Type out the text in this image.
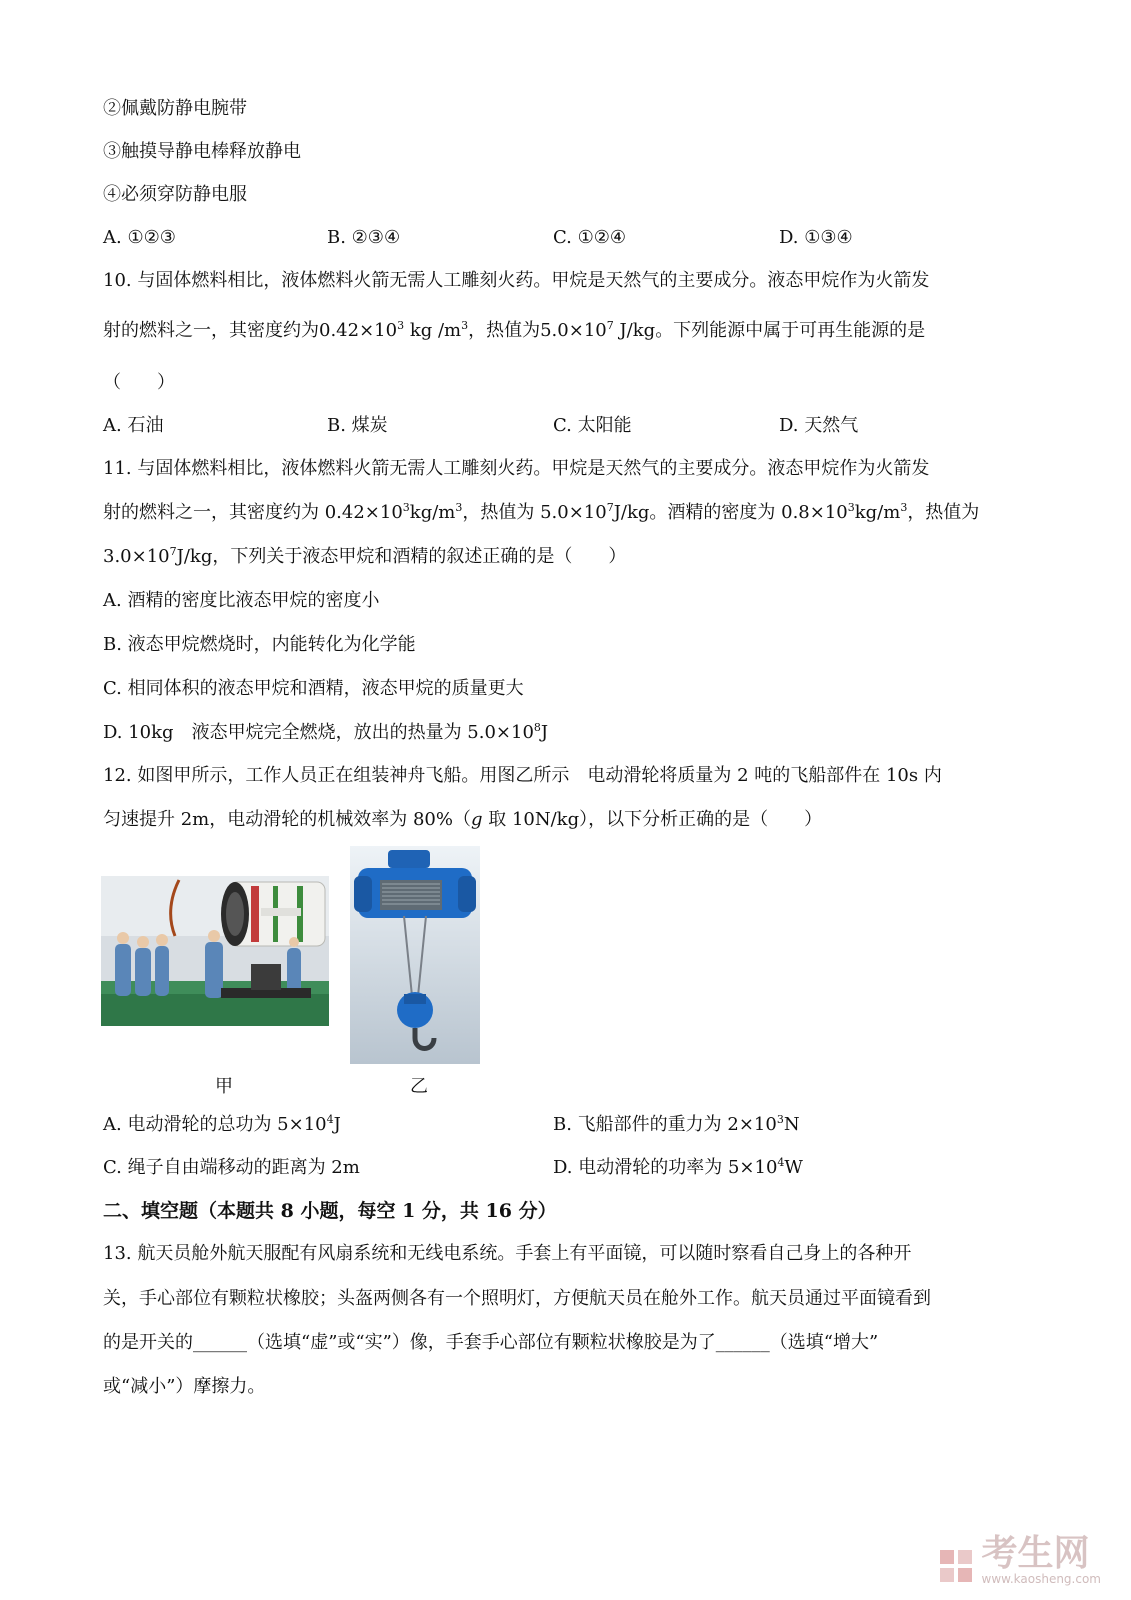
②佩戴防静电腕带
③触摸导静电棒释放静电
④必须穿防静电服
A. ①②③	B. ②③④	C. ①②④	D. ①③④
10. 与固体燃料相比，液体燃料火箭无需人工雕刻火药。甲烷是天然气的主要成分。液态甲烷作为火箭发
射的燃料之一，其密度约为$0.42\times 10^3$ kg $/m^3$，热值为$5.0\times 10^7$ J/kg。下列能源中属于可再生能源的是
（　　）
A. 石油	B. 煤炭	C. 太阳能	D. 天然气
11. 与固体燃料相比，液体燃料火箭无需人工雕刻火药。甲烷是天然气的主要成分。液态甲烷作为火箭发
射的燃料之一，其密度约为 $0.42\times 10^3kg/m^3$，热值为 $5.0\times 10^7J/kg$。酒精的密度为 $0.8\times 10^3kg/m^3$，热值为
$3.0\times 10^7J/kg$，下列关于液态甲烷和酒精的叙述正确的是（　　）
A. 酒精的密度比液态甲烷的密度小
B. 液态甲烷燃烧时，内能转化为化学能
C. 相同体积的液态甲烷和酒精，液态甲烷的质量更大
D. 10kg　液态甲烷完全燃烧，放出的热量为 $5.0\times 10^8J$
12. 如图甲所示，工作人员正在组装神舟飞船。用图乙所示　电动滑轮将质量为 2 吨的飞船部件在 10s 内
匀速提升 2m，电动滑轮的机械效率为 80%（g 取 10N/kg），以下分析正确的是（　　）
甲	乙
A. 电动滑轮的总功为 $5\times 10^4J$	B. 飞船部件的重力为 $2\times 10^3N$
C. 绳子自由端移动的距离为 2m	D. 电动滑轮的功率为 $5\times 10^4W$
二、填空题（本题共 8 小题，每空 1 分，共 16 分）
13. 航天员舱外航天服配有风扇系统和无线电系统。手套上有平面镜，可以随时察看自己身上的各种开
关，手心部位有颗粒状橡胶；头盔两侧各有一个照明灯，方便航天员在舱外工作。航天员通过平面镜看到
的是开关的______（选填“虚”或“实”）像，手套手心部位有颗粒状橡胶是为了______（选填“增大”
或“减小”）摩擦力。
考生网
www.kaosheng.com
